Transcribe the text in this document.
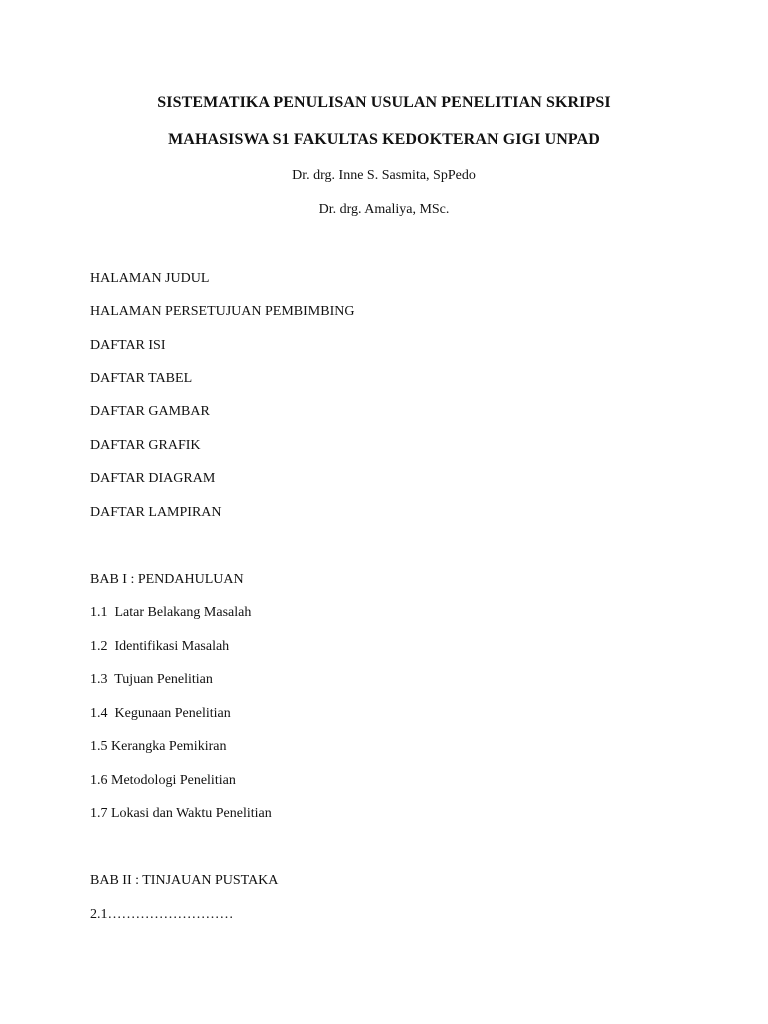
SISTEMATIKA PENULISAN USULAN PENELITIAN SKRIPSI
MAHASISWA S1 FAKULTAS KEDOKTERAN GIGI UNPAD
Dr. drg. Inne S. Sasmita, SpPedo
Dr. drg. Amaliya, MSc.
HALAMAN JUDUL
HALAMAN PERSETUJUAN PEMBIMBING
DAFTAR ISI
DAFTAR TABEL
DAFTAR GAMBAR
DAFTAR GRAFIK
DAFTAR DIAGRAM
DAFTAR LAMPIRAN
BAB I : PENDAHULUAN
1.1  Latar Belakang Masalah
1.2  Identifikasi Masalah
1.3  Tujuan Penelitian
1.4  Kegunaan Penelitian
1.5 Kerangka Pemikiran
1.6 Metodologi Penelitian
1.7 Lokasi dan Waktu Penelitian
BAB II : TINJAUAN PUSTAKA
2.1………………………
